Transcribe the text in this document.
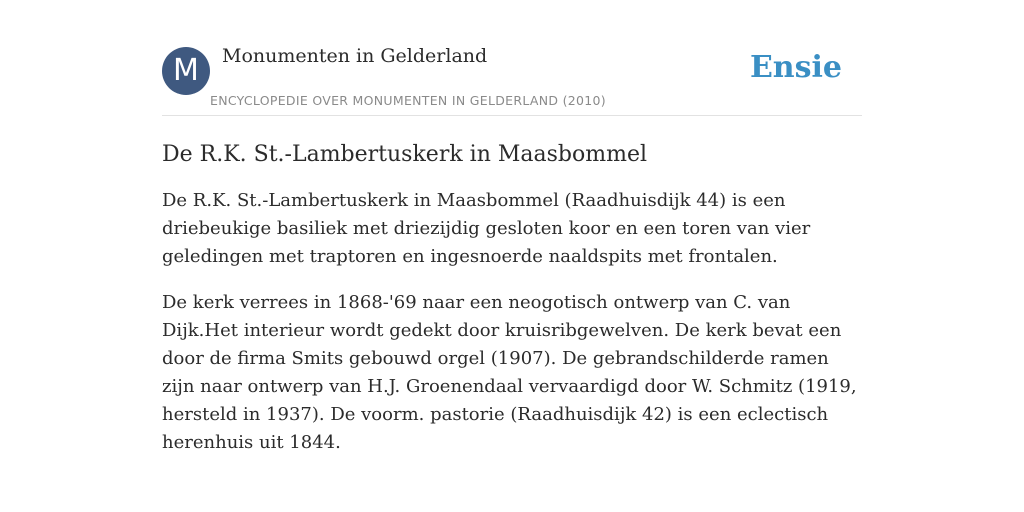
M	Monumenten in Gelderland
ENCYCLOPEDIE OVER MONUMENTEN IN GELDERLAND (2010)
Ensie
De R.K. St.-Lambertuskerk in Maasbommel

De R.K. St.-Lambertuskerk in Maasbommel (Raadhuisdijk 44) is een driebeukige basiliek met driezijdig gesloten koor en een toren van vier geledingen met traptoren en ingesnoerde naaldspits met frontalen.

De kerk verrees in 1868-'69 naar een neogotisch ontwerp van C. van Dijk.Het interieur wordt gedekt door kruisribgewelven. De kerk bevat een door de firma Smits gebouwd orgel (1907). De gebrandschilderde ramen zijn naar ontwerp van H.J. Groenendaal vervaardigd door W. Schmitz (1919, hersteld in 1937). De voorm. pastorie (Raadhuisdijk 42) is een eclectisch herenhuis uit 1844.
